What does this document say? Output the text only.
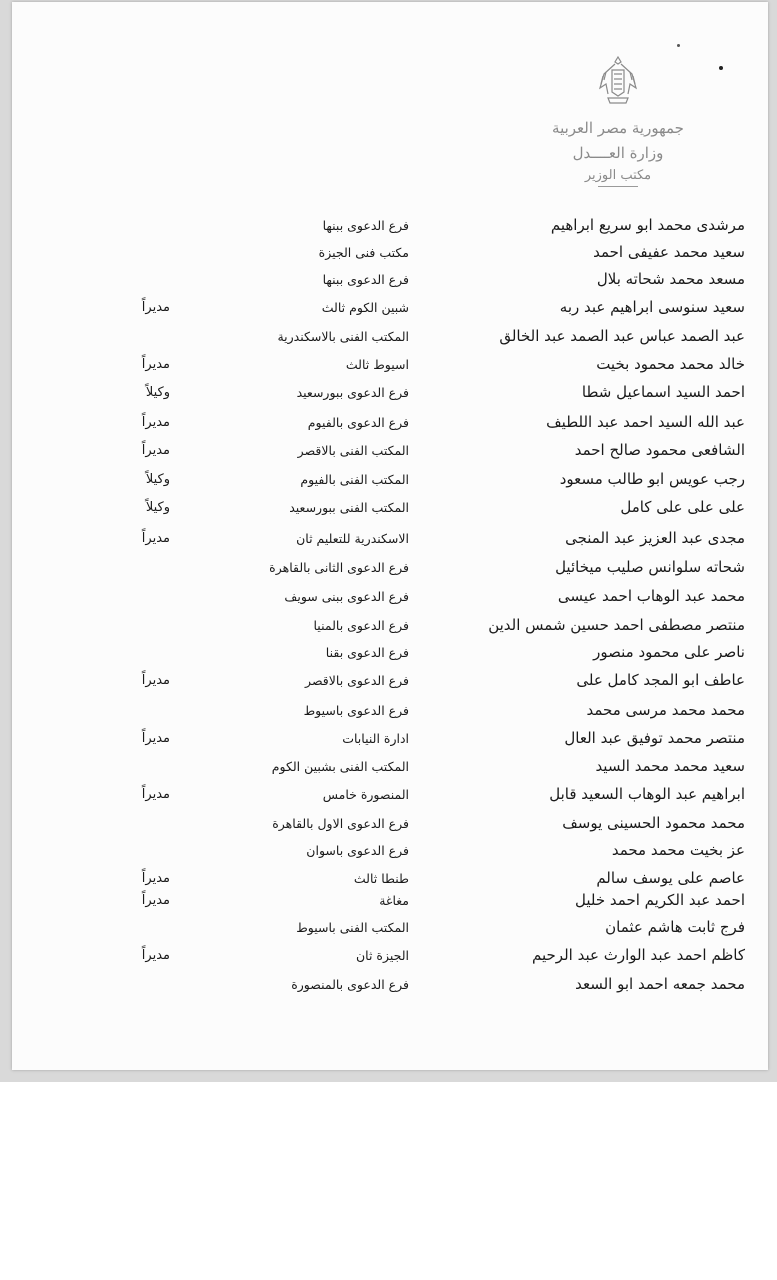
جمهورية مصر العربية
وزارة العــــدل
مكتب الوزير
مرشدى محمد ابو سريع ابراهيم
فرع الدعوى ببنها
سعيد محمد عفيفى احمد
مكتب فنى الجيزة
مسعد محمد شحاته بلال
فرع الدعوى ببنها
سعيد سنوسى ابراهيم عبد ربه
شبين الكوم ثالث
مديراً
عبد الصمد عباس عبد الصمد عبد الخالق
المكتب الفنى بالاسكندرية
خالد محمد محمود بخيت
اسيوط ثالث
مديراً
احمد السيد اسماعيل شطا
فرع الدعوى ببورسعيد
وكيلاً
عبد الله السيد احمد عبد اللطيف
فرع الدعوى بالفيوم
مديراً
الشافعى محمود صالح احمد
المكتب الفنى بالاقصر
مديراً
رجب عويس ابو طالب مسعود
المكتب الفنى بالفيوم
وكيلاً
على على على كامل
المكتب الفنى ببورسعيد
وكيلاً
مجدى عبد العزيز عبد المنجى
الاسكندرية للتعليم ثان
مديراً
شحاته سلوانس صليب ميخائيل
فرع الدعوى الثانى بالقاهرة
محمد عبد الوهاب احمد عيسى
فرع الدعوى ببنى سويف
منتصر مصطفى احمد حسين شمس الدين
فرع الدعوى بالمنيا
ناصر على محمود منصور
فرع الدعوى بقنا
عاطف ابو المجد كامل على
فرع الدعوى بالاقصر
مديراً
محمد محمد مرسى محمد
فرع الدعوى باسيوط
منتصر محمد توفيق عبد العال
ادارة النيابات
مديراً
سعيد محمد محمد السيد
المكتب الفنى بشبين الكوم
ابراهيم عبد الوهاب السعيد قابل
المنصورة خامس
مديراً
محمد محمود الحسينى يوسف
فرع الدعوى الاول بالقاهرة
عز بخيت محمد محمد
فرع الدعوى باسوان
عاصم على يوسف سالم
طنطا ثالث
مديراً
احمد عبد الكريم احمد خليل
مغاغة
مديراً
فرج ثابت هاشم عثمان
المكتب الفنى باسيوط
كاظم احمد عبد الوارث عبد الرحيم
الجيزة ثان
مديراً
محمد جمعه احمد ابو السعد
فرع الدعوى بالمنصورة
